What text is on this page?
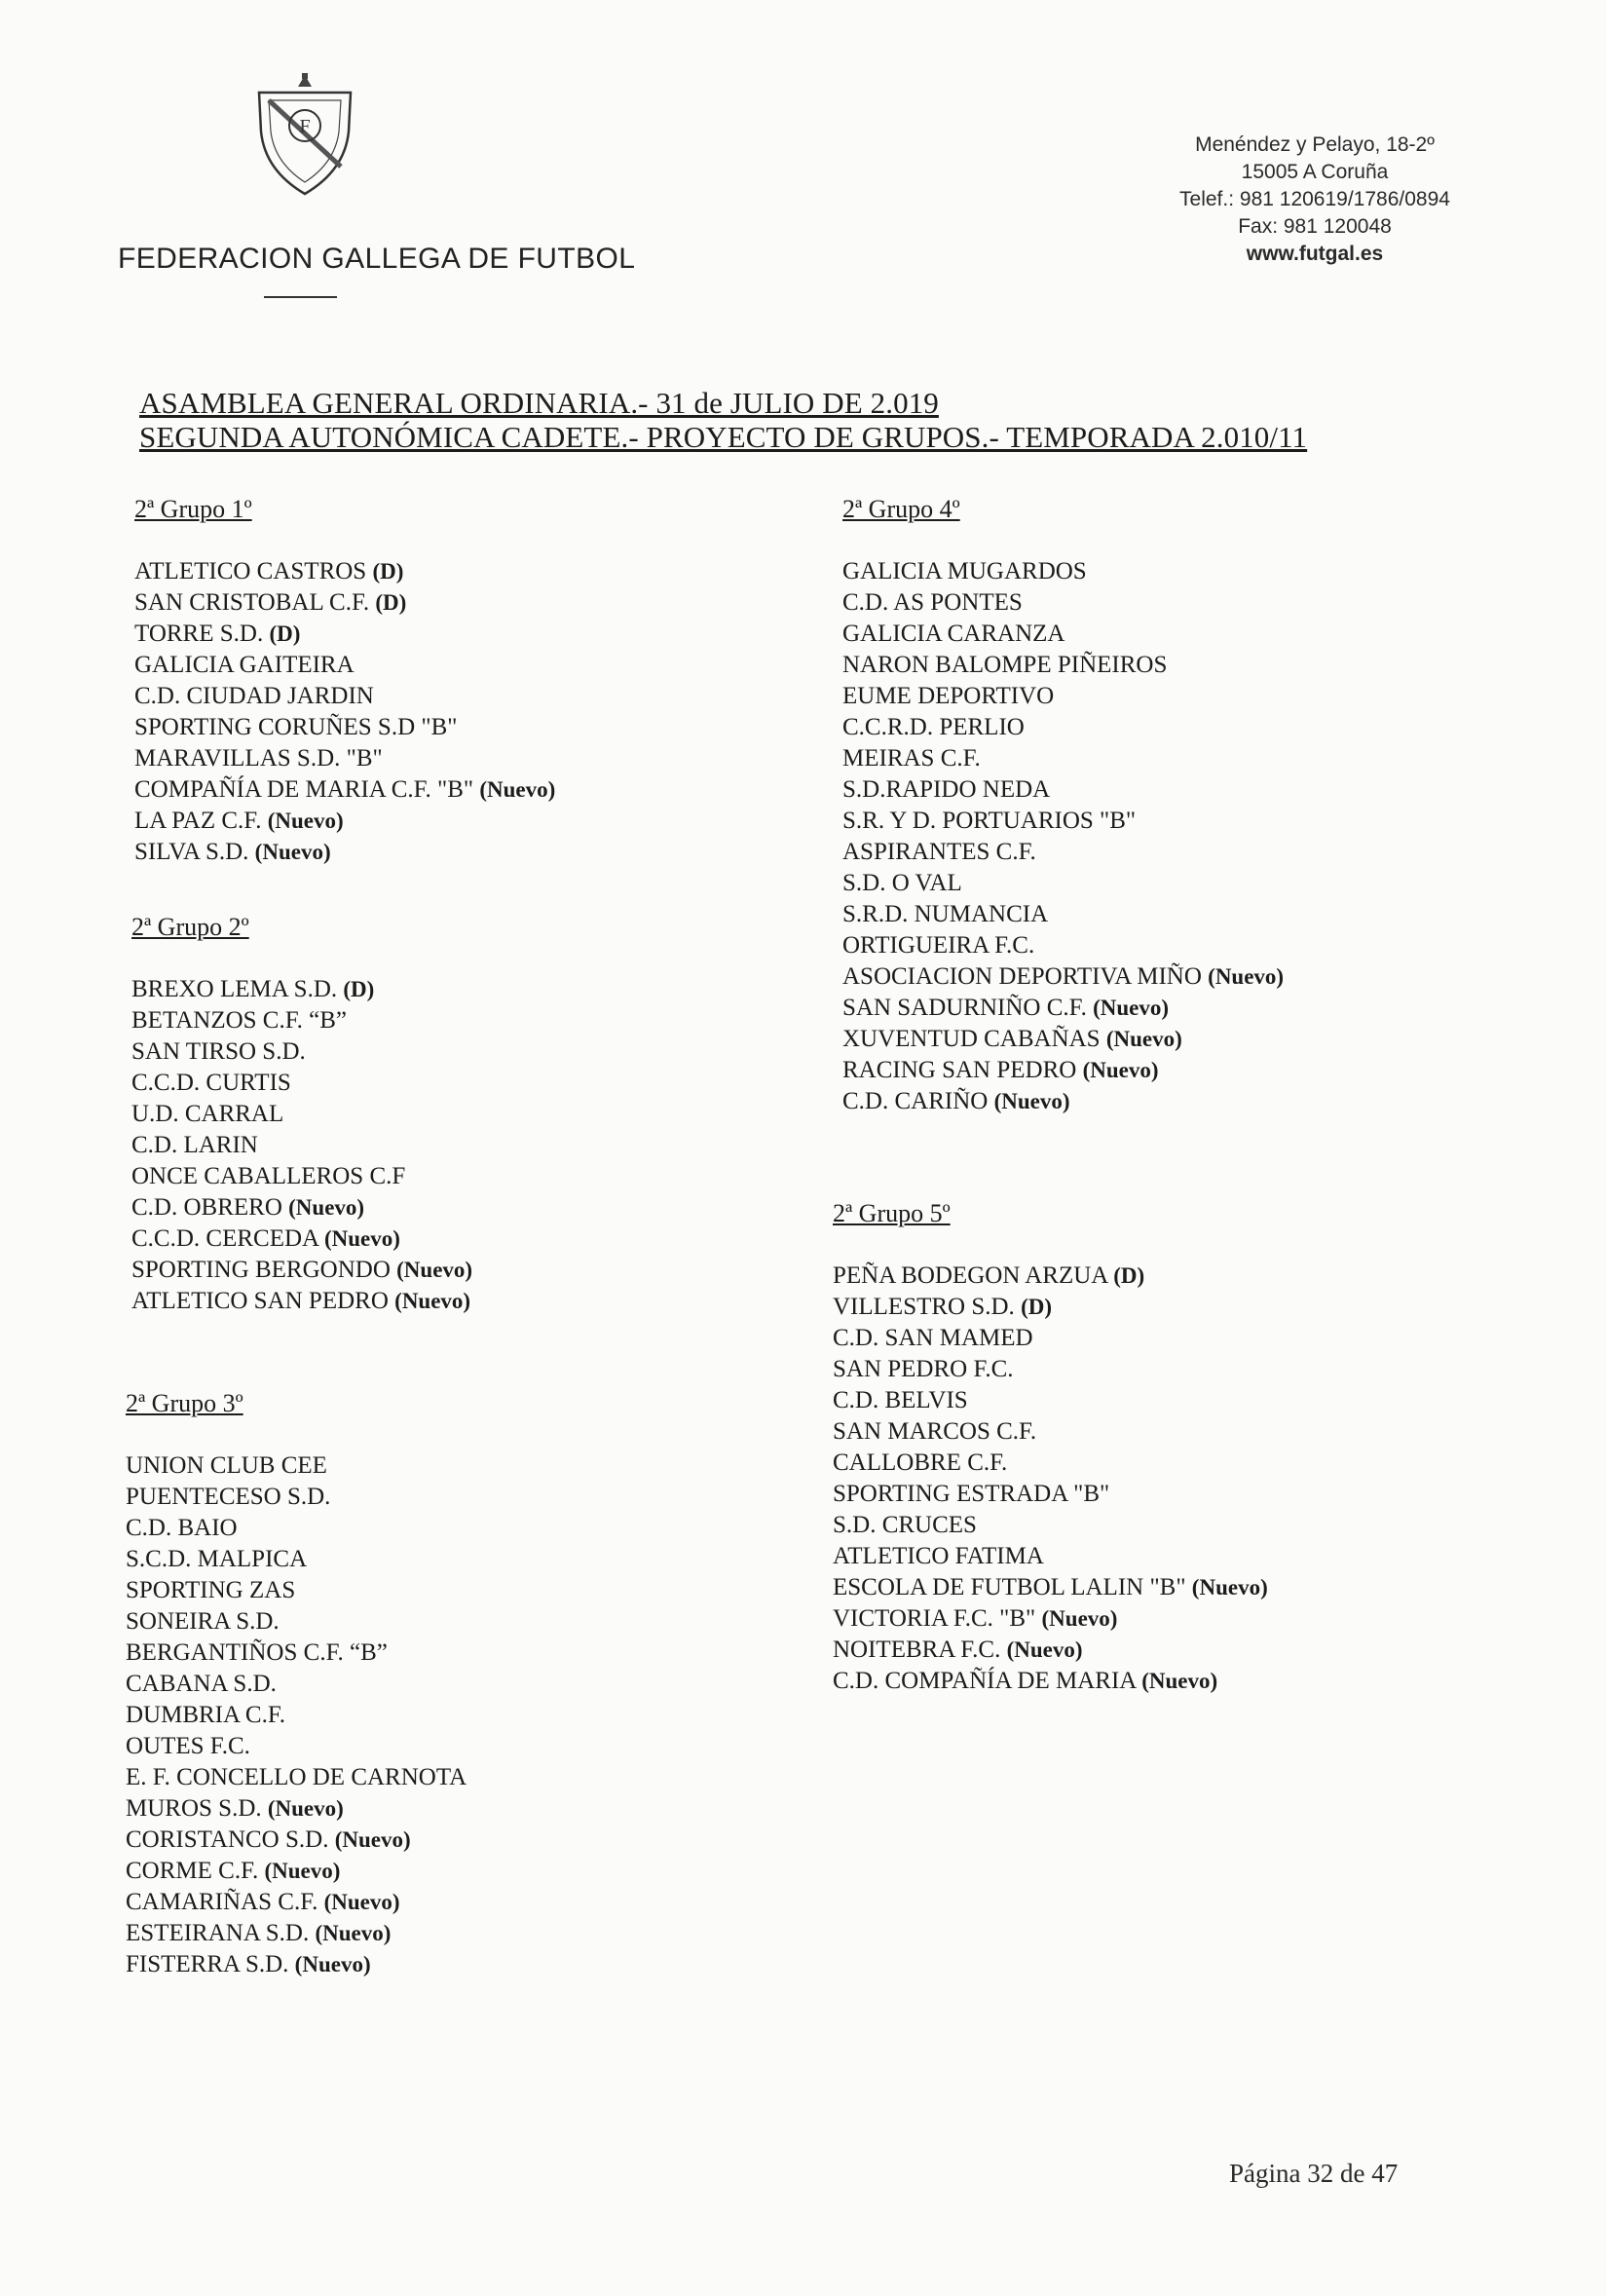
F
FEDERACION GALLEGA DE FUTBOL
Menéndez y Pelayo, 18-2º
15005 A Coruña
Telef.: 981 120619/1786/0894
Fax: 981 120048
www.futgal.es
ASAMBLEA GENERAL ORDINARIA.- 31 de JULIO DE 2.019
SEGUNDA AUTONÓMICA CADETE.- PROYECTO DE GRUPOS.- TEMPORADA 2.010/11
2ª Grupo 1º
ATLETICO CASTROS (D)
SAN CRISTOBAL C.F. (D)
TORRE S.D. (D)
GALICIA GAITEIRA
C.D. CIUDAD JARDIN
SPORTING CORUÑES S.D "B"
MARAVILLAS S.D. "B"
COMPAÑÍA DE MARIA C.F. "B" (Nuevo)
LA PAZ C.F. (Nuevo)
SILVA S.D. (Nuevo)
2ª Grupo 2º
BREXO LEMA S.D. (D)
BETANZOS C.F. “B”
SAN TIRSO S.D.
C.C.D. CURTIS
U.D. CARRAL
C.D. LARIN
ONCE CABALLEROS C.F
C.D. OBRERO (Nuevo)
C.C.D. CERCEDA (Nuevo)
SPORTING BERGONDO (Nuevo)
ATLETICO SAN PEDRO (Nuevo)
2ª Grupo 3º
UNION CLUB CEE
PUENTECESO S.D.
C.D. BAIO
S.C.D. MALPICA
SPORTING ZAS
SONEIRA S.D.
BERGANTIÑOS C.F. “B”
CABANA S.D.
DUMBRIA C.F.
OUTES F.C.
E. F. CONCELLO DE CARNOTA
MUROS S.D. (Nuevo)
CORISTANCO S.D. (Nuevo)
CORME C.F. (Nuevo)
CAMARIÑAS C.F. (Nuevo)
ESTEIRANA S.D. (Nuevo)
FISTERRA S.D. (Nuevo)
2ª Grupo 4º
GALICIA MUGARDOS
C.D. AS PONTES
GALICIA CARANZA
NARON BALOMPE PIÑEIROS
EUME DEPORTIVO
C.C.R.D. PERLIO
MEIRAS C.F.
S.D.RAPIDO NEDA
S.R. Y D. PORTUARIOS "B"
ASPIRANTES C.F.
S.D. O VAL
S.R.D. NUMANCIA
ORTIGUEIRA F.C.
ASOCIACION DEPORTIVA MIÑO (Nuevo)
SAN SADURNIÑO C.F. (Nuevo)
XUVENTUD CABAÑAS (Nuevo)
RACING SAN PEDRO (Nuevo)
C.D. CARIÑO (Nuevo)
2ª Grupo 5º
PEÑA BODEGON ARZUA (D)
VILLESTRO S.D. (D)
C.D. SAN MAMED
SAN PEDRO F.C.
C.D. BELVIS
SAN MARCOS C.F.
CALLOBRE C.F.
SPORTING ESTRADA "B"
S.D. CRUCES
ATLETICO FATIMA
ESCOLA DE FUTBOL LALIN "B" (Nuevo)
VICTORIA F.C. "B" (Nuevo)
NOITEBRA F.C. (Nuevo)
C.D. COMPAÑÍA DE MARIA (Nuevo)
Página 32 de 47
